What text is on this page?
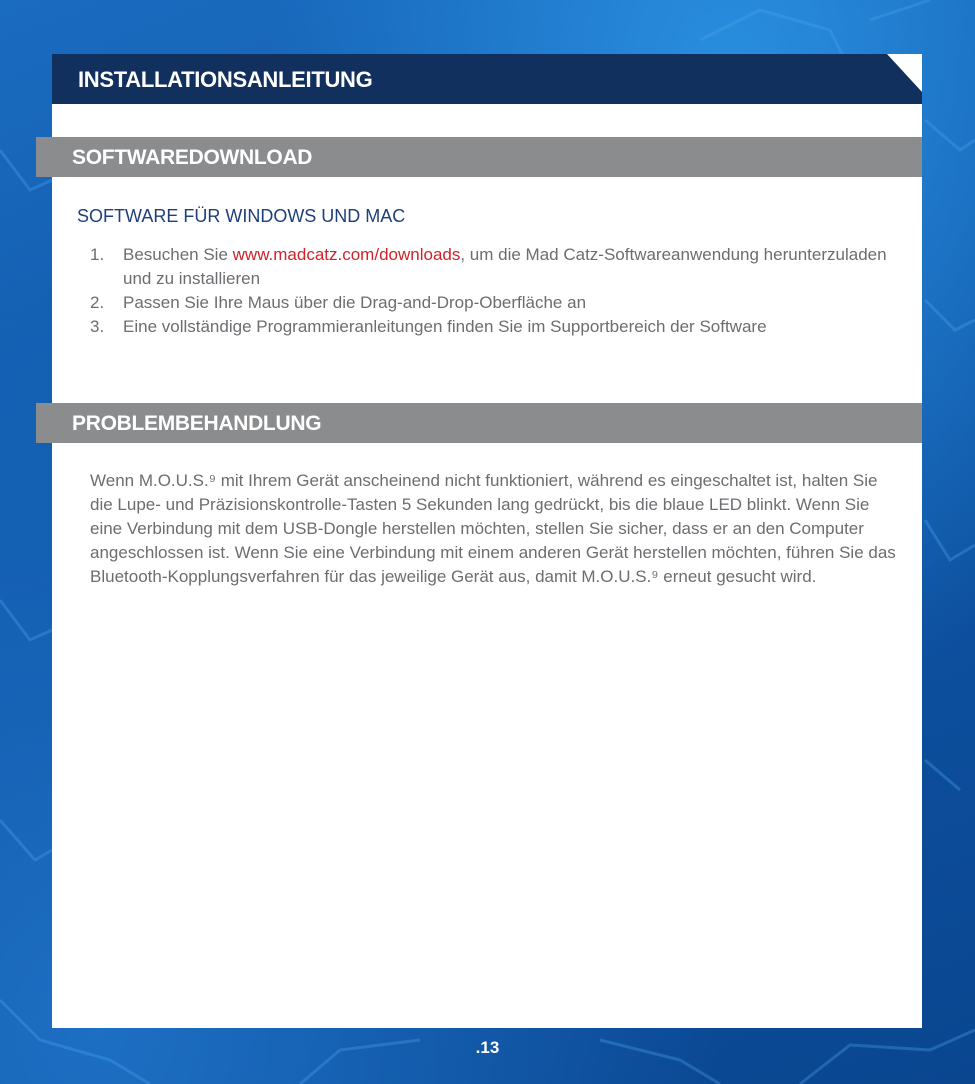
INSTALLATIONSANLEITUNG
SOFTWAREDOWNLOAD
SOFTWARE FÜR WINDOWS UND MAC
1. Besuchen Sie www.madcatz.com/downloads, um die Mad Catz-Softwareanwendung herunterzuladen und zu installieren
2. Passen Sie Ihre Maus über die Drag-and-Drop-Oberfläche an
3. Eine vollständige Programmieranleitungen finden Sie im Supportbereich der Software
PROBLEMBEHANDLUNG

Wenn M.O.U.S.⁹ mit Ihrem Gerät anscheinend nicht funktioniert, während es eingeschaltet ist, halten Sie die Lupe- und Präzisionskontrolle-Tasten 5 Sekunden lang gedrückt, bis die blaue LED blinkt. Wenn Sie eine Verbindung mit dem USB-Dongle herstellen möchten, stellen Sie sicher, dass er an den Computer angeschlossen ist. Wenn Sie eine Verbindung mit einem anderen Gerät herstellen möchten, führen Sie das Bluetooth-Kopplungsverfahren für das jeweilige Gerät aus, damit M.O.U.S.⁹ erneut gesucht wird.

.13
